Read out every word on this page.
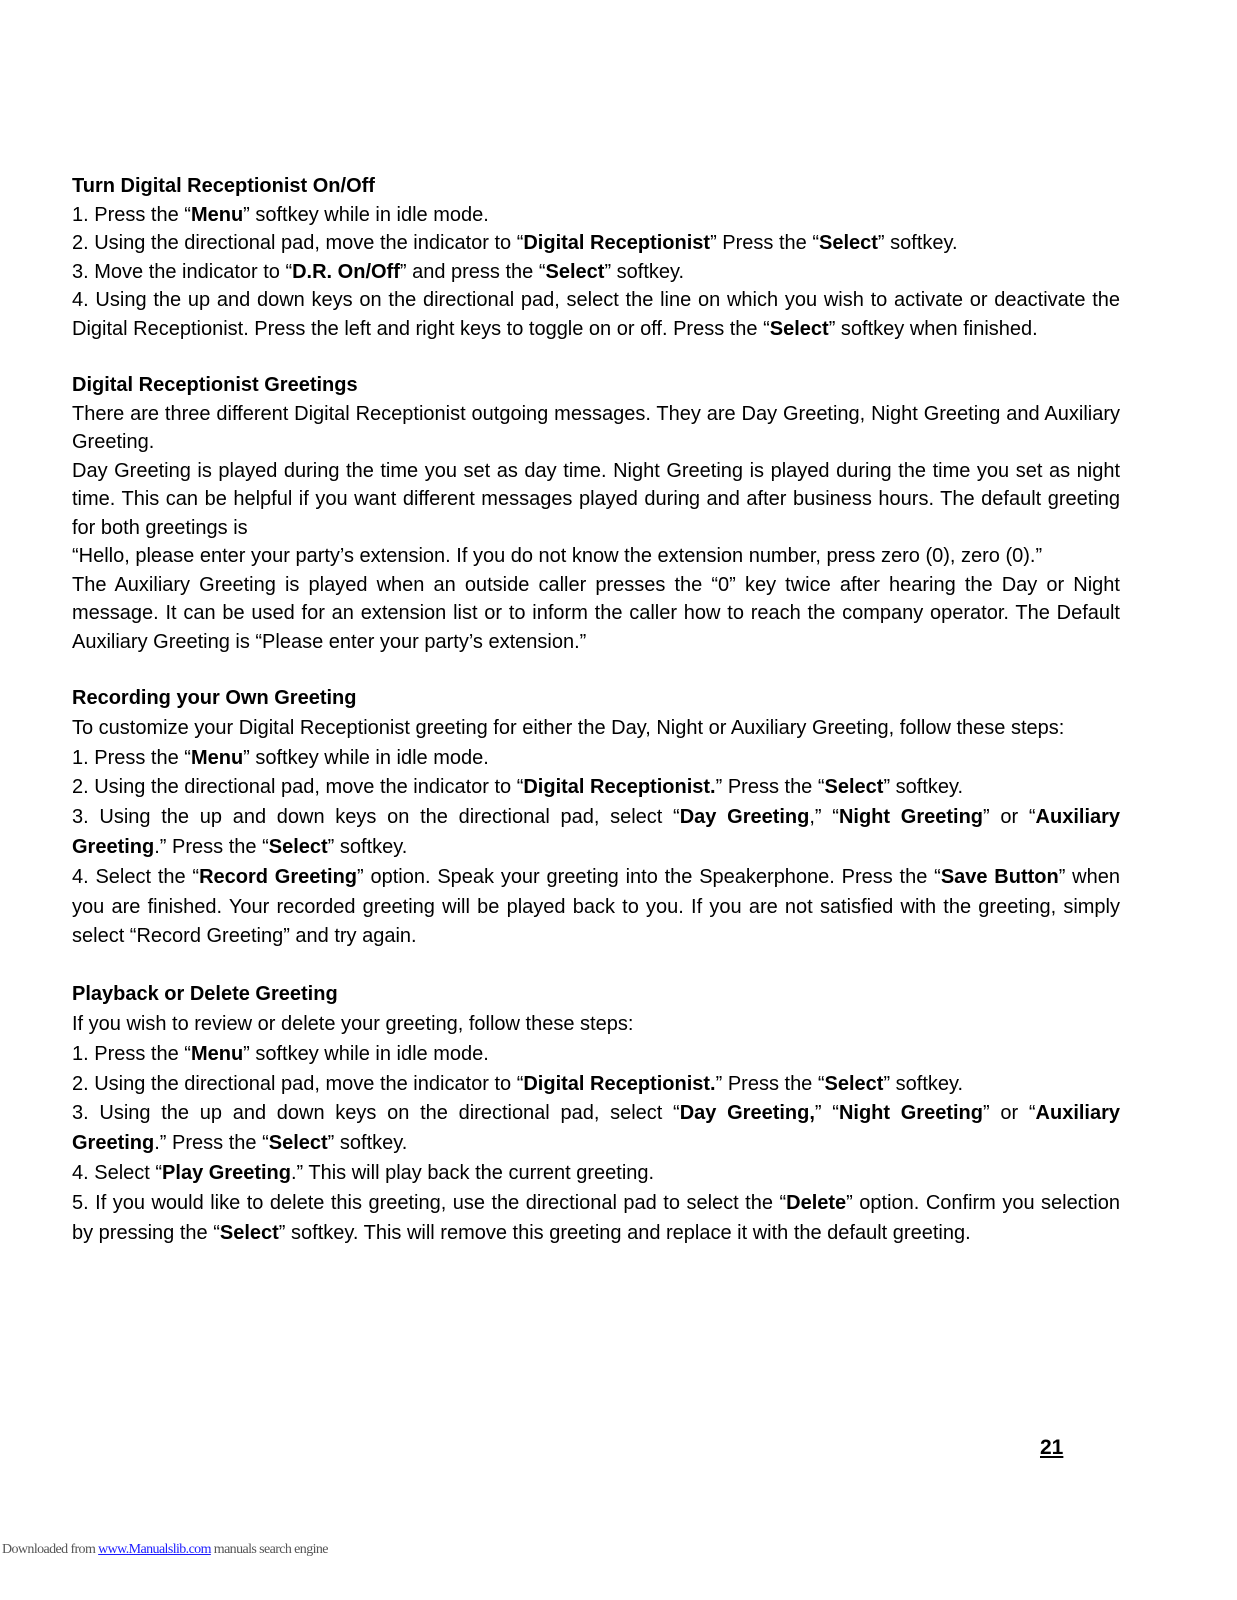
Turn Digital Receptionist On/Off

1. Press the “Menu” softkey while in idle mode.

2. Using the directional pad, move the indicator to “Digital Receptionist” Press the “Select” softkey.

3. Move the indicator to “D.R. On/Off” and press the “Select” softkey.

4. Using the up and down keys on the directional pad, select the line on which you wish to activate or deactivate the Digital Receptionist. Press the left and right keys to toggle on or off. Press the “Select” softkey when finished.

Digital Receptionist Greetings

There are three different Digital Receptionist outgoing messages. They are Day Greeting, Night Greeting and Auxiliary Greeting.

Day Greeting is played during the time you set as day time. Night Greeting is played during the time you set as night time. This can be helpful if you want different messages played during and after business hours. The default greeting for both greetings is

“Hello, please enter your party’s extension. If you do not know the extension number, press zero (0), zero (0).”

The Auxiliary Greeting is played when an outside caller presses the “0” key twice after hearing the Day or Night message. It can be used for an extension list or to inform the caller how to reach the company operator. The Default Auxiliary Greeting is “Please enter your party’s extension.”

Recording your Own Greeting

To customize your Digital Receptionist greeting for either the Day, Night or Auxiliary Greeting, follow these steps:

1. Press the “Menu” softkey while in idle mode.

2. Using the directional pad, move the indicator to “Digital Receptionist.” Press the “Select” softkey.

3. Using the up and down keys on the directional pad, select “Day Greeting,” “Night Greeting” or “Auxiliary Greeting.” Press the “Select” softkey.

4. Select the “Record Greeting” option. Speak your greeting into the Speakerphone. Press the “Save Button” when you are finished. Your recorded greeting will be played back to you. If you are not satisfied with the greeting, simply select “Record Greeting” and try again.

Playback or Delete Greeting

If you wish to review or delete your greeting, follow these steps:

1. Press the “Menu” softkey while in idle mode.

2. Using the directional pad, move the indicator to “Digital Receptionist.” Press the “Select” softkey.

3. Using the up and down keys on the directional pad, select “Day Greeting,” “Night Greeting” or “Auxiliary Greeting.” Press the “Select” softkey.

4. Select “Play Greeting.” This will play back the current greeting.

5. If you would like to delete this greeting, use the directional pad to select the “Delete” option. Confirm you selection by pressing the “Select” softkey. This will remove this greeting and replace it with the default greeting.

21
Downloaded from www.Manualslib.com manuals search engine
